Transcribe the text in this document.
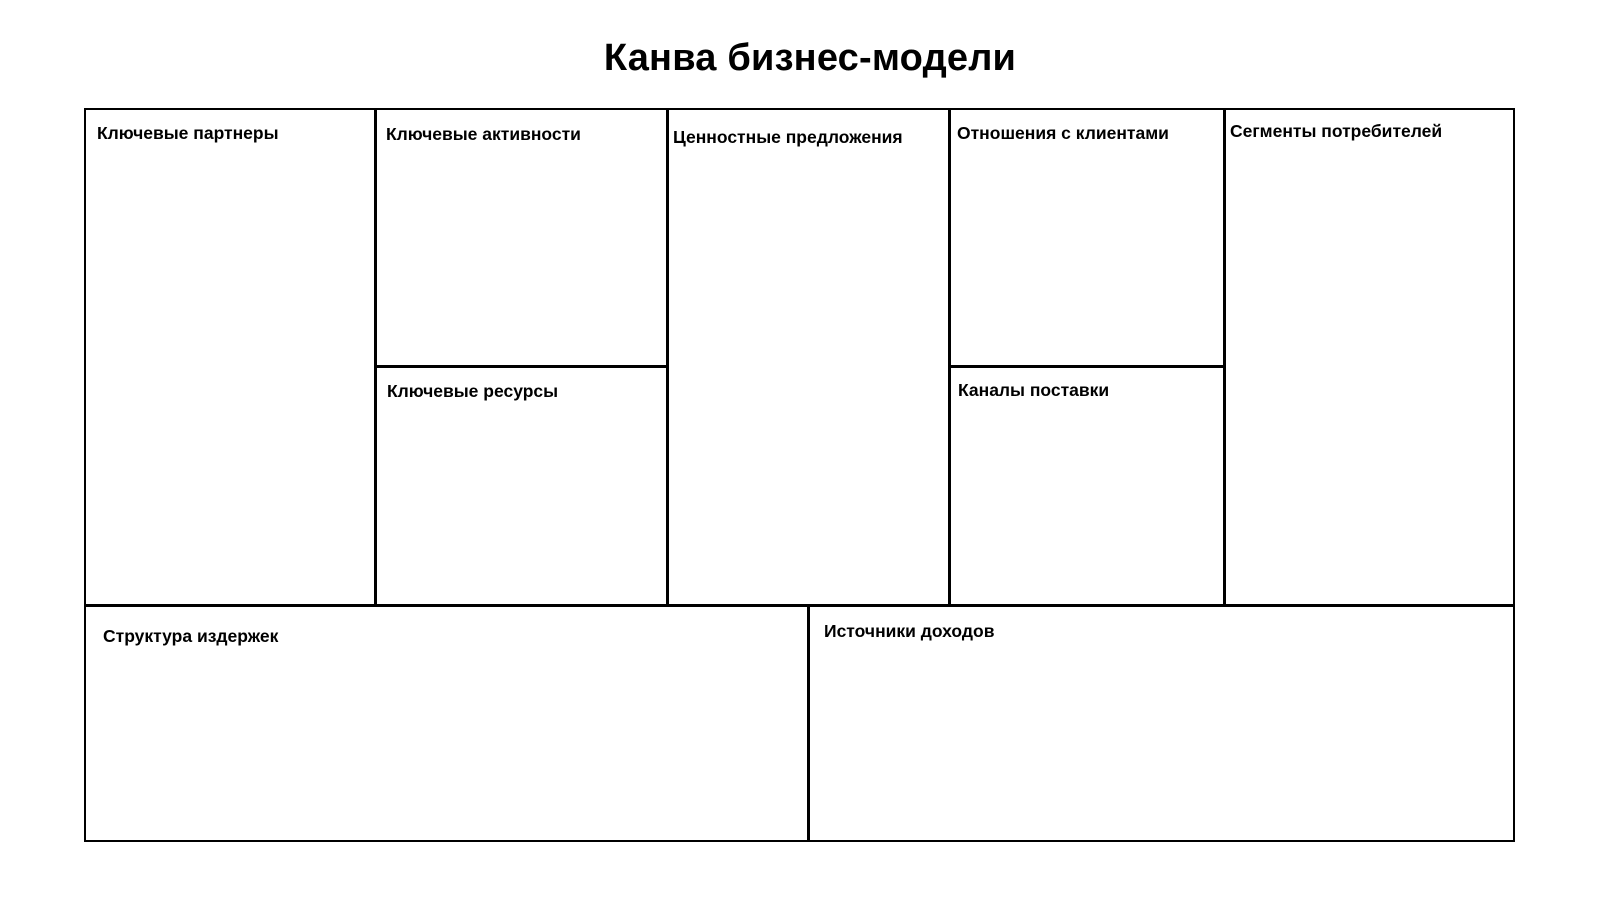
Канва бизнес-модели
Ключевые партнеры	Ключевые активности
Ключевые ресурсы
Ценностные предложения	Отношения с клиентами
Каналы поставки
Сегменты потребителей
Структура издержек	Источники доходов
